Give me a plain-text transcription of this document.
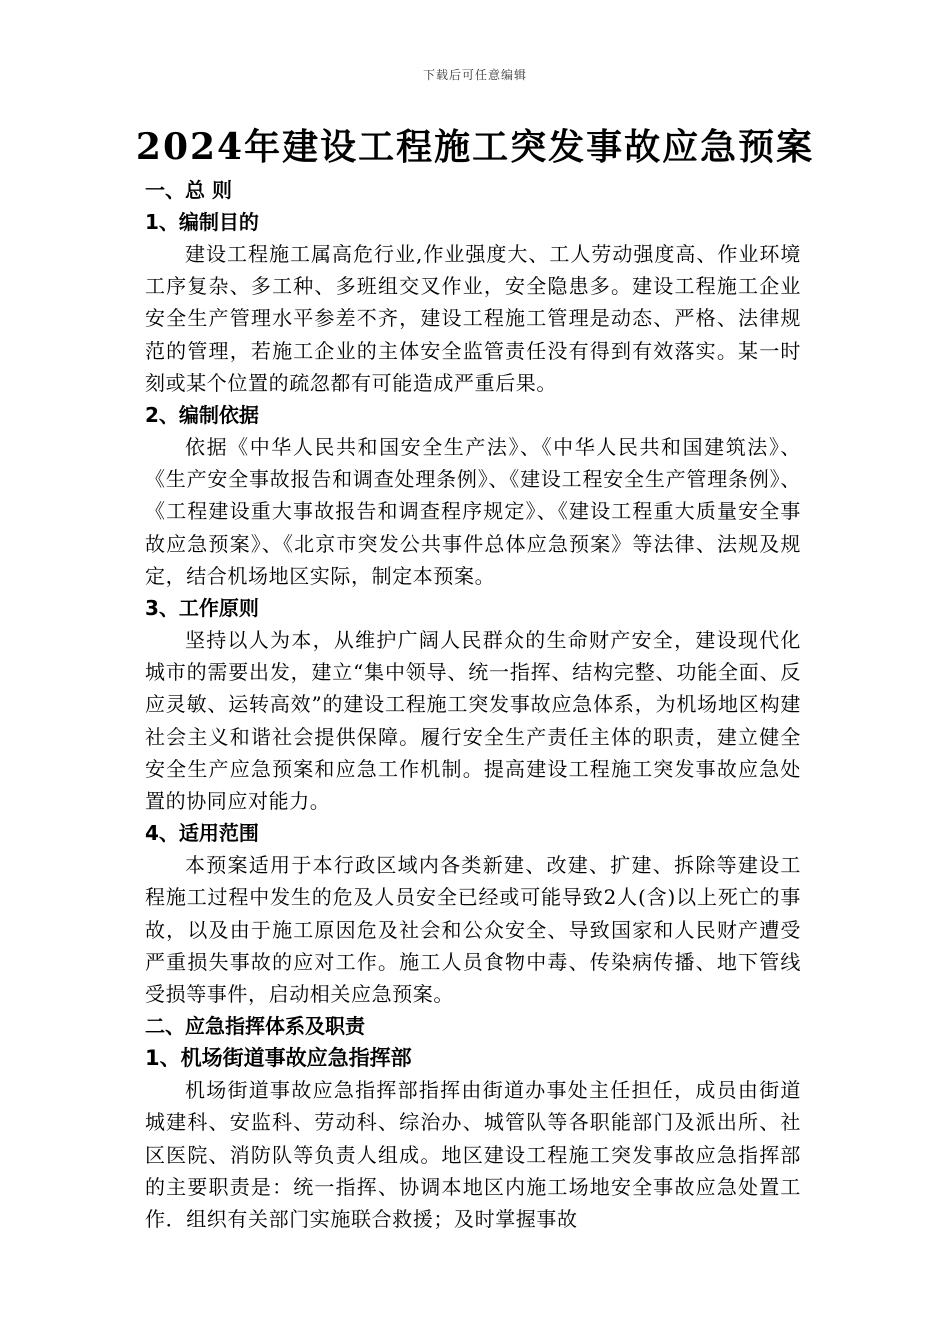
下载后可任意编辑
2024年建设工程施工突发事故应急预案
一、总 则
1、编制目的
建设工程施工属高危行业,作业强度大、工人劳动强度高、作业环境工序复杂、多工种、多班组交叉作业，安全隐患多。建设工程施工企业安全生产管理水平参差不齐，建设工程施工管理是动态、严格、法律规范的管理，若施工企业的主体安全监管责任没有得到有效落实。某一时刻或某个位置的疏忽都有可能造成严重后果。
2、编制依据
依据《中华人民共和国安全生产法》、《中华人民共和国建筑法》、《生产安全事故报告和调查处理条例》、《建设工程安全生产管理条例》、《工程建设重大事故报告和调查程序规定》、《建设工程重大质量安全事故应急预案》、《北京市突发公共事件总体应急预案》等法律、法规及规定，结合机场地区实际，制定本预案。
3、工作原则
坚持以人为本，从维护广阔人民群众的生命财产安全，建设现代化城市的需要出发，建立“集中领导、统一指挥、结构完整、功能全面、反应灵敏、运转高效”的建设工程施工突发事故应急体系，为机场地区构建社会主义和谐社会提供保障。履行安全生产责任主体的职责，建立健全安全生产应急预案和应急工作机制。提高建设工程施工突发事故应急处置的协同应对能力。
4、适用范围
本预案适用于本行政区域内各类新建、改建、扩建、拆除等建设工程施工过程中发生的危及人员安全已经或可能导致2人(含)以上死亡的事故，以及由于施工原因危及社会和公众安全、导致国家和人民财产遭受严重损失事故的应对工作。施工人员食物中毒、传染病传播、地下管线受损等事件，启动相关应急预案。
二、应急指挥体系及职责
1、机场街道事故应急指挥部
机场街道事故应急指挥部指挥由街道办事处主任担任，成员由街道城建科、安监科、劳动科、综治办、城管队等各职能部门及派出所、社区医院、消防队等负责人组成。地区建设工程施工突发事故应急指挥部的主要职责是：统一指挥、协调本地区内施工场地安全事故应急处置工作．组织有关部门实施联合救援；及时掌握事故
